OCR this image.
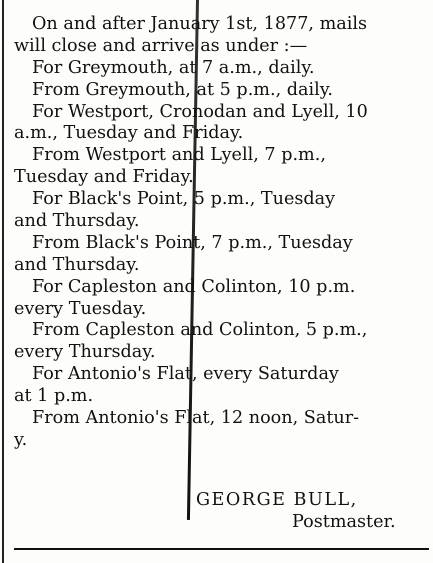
On and after January 1st, 1877, mails
will close and arrive as under :—
For Greymouth, at 7 a.m., daily.
From Greymouth, at 5 p.m., daily.
For Westport, Cronodan and Lyell, 10
a.m., Tuesday and Friday.
From Westport and Lyell, 7 p.m.,
Tuesday and Friday.
For Black's Point, 5 p.m., Tuesday
and Thursday.
From Black's Point, 7 p.m., Tuesday
and Thursday.
For Capleston and Colinton, 10 p.m.
every Tuesday.
From Capleston and Colinton, 5 p.m.,
every Thursday.
For Antonio's Flat, every Saturday
at 1 p.m.
From Antonio's Flat, 12 noon, Satur-
y.
GEORGE BULL,
Postmaster.
